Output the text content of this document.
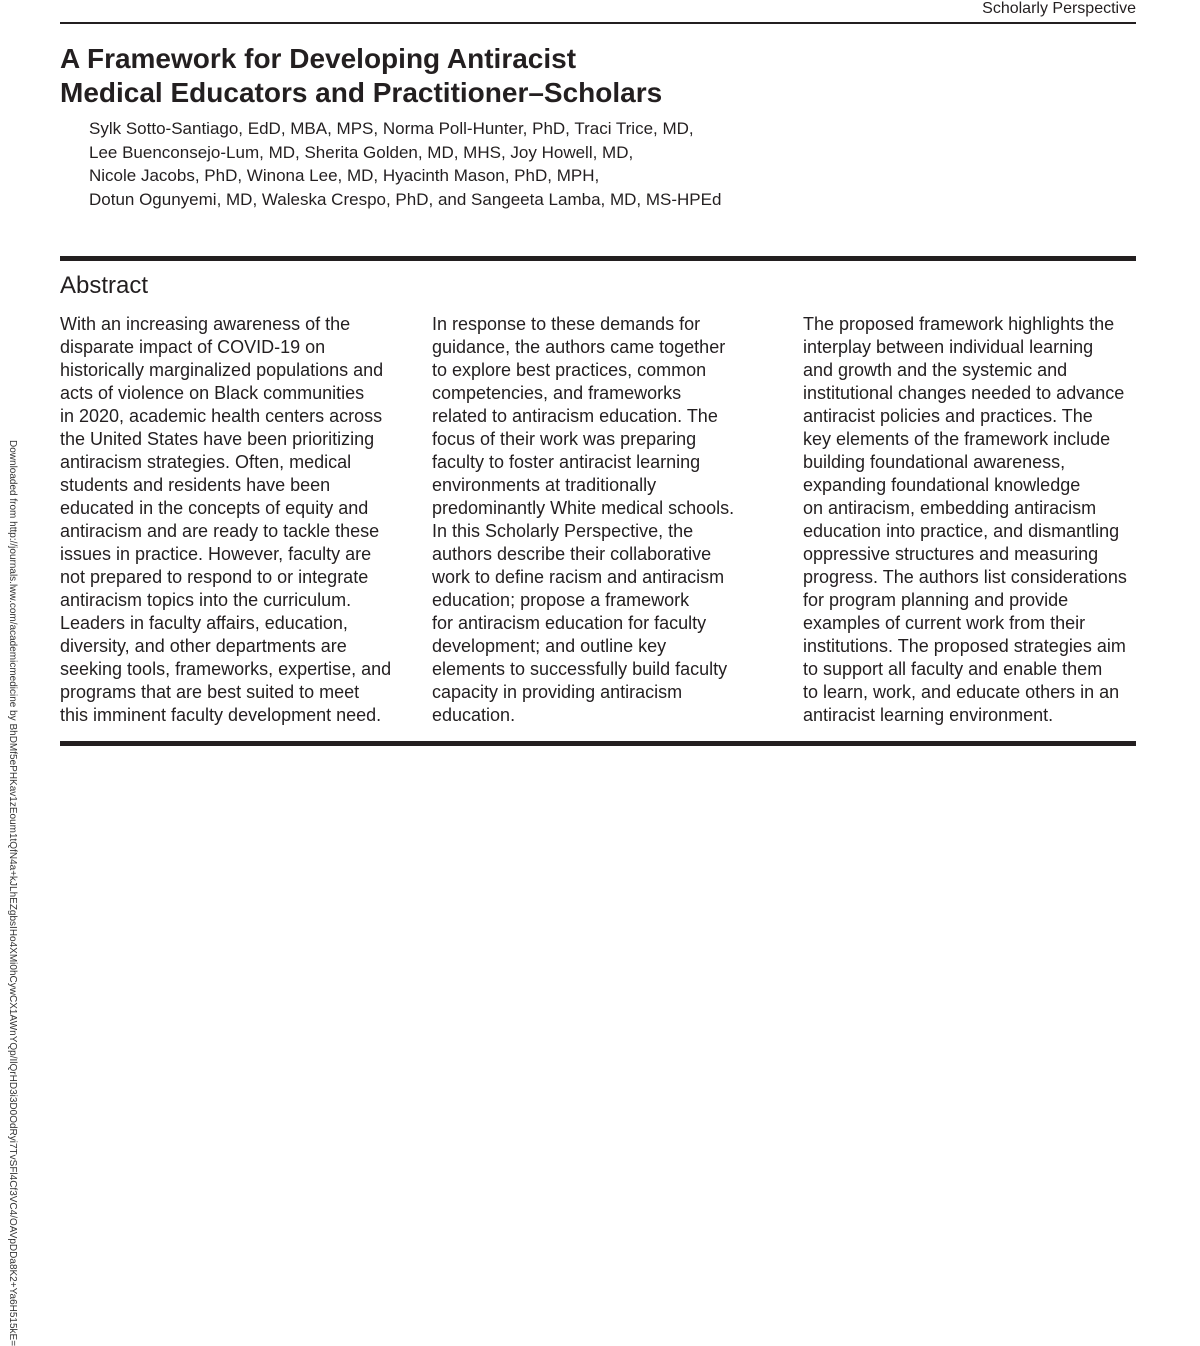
Scholarly Perspective
A Framework for Developing Antiracist
Medical Educators and Practitioner–Scholars
Sylk Sotto-Santiago, EdD, MBA, MPS, Norma Poll-Hunter, PhD, Traci Trice, MD,
Lee Buenconsejo-Lum, MD, Sherita Golden, MD, MHS, Joy Howell, MD,
Nicole Jacobs, PhD, Winona Lee, MD, Hyacinth Mason, PhD, MPH,
Dotun Ogunyemi, MD, Waleska Crespo, PhD, and Sangeeta Lamba, MD, MS-HPEd
Abstract
With an increasing awareness of the
disparate impact of COVID-19 on
historically marginalized populations and
acts of violence on Black communities
in 2020, academic health centers across
the United States have been prioritizing
antiracism strategies. Often, medical
students and residents have been
educated in the concepts of equity and
antiracism and are ready to tackle these
issues in practice. However, faculty are
not prepared to respond to or integrate
antiracism topics into the curriculum.
Leaders in faculty affairs, education,
diversity, and other departments are
seeking tools, frameworks, expertise, and
programs that are best suited to meet
this imminent faculty development need.
In response to these demands for
guidance, the authors came together
to explore best practices, common
competencies, and frameworks
related to antiracism education. The
focus of their work was preparing
faculty to foster antiracist learning
environments at traditionally
predominantly White medical schools.
In this Scholarly Perspective, the
authors describe their collaborative
work to define racism and antiracism
education; propose a framework
for antiracism education for faculty
development; and outline key
elements to successfully build faculty
capacity in providing antiracism
education.
The proposed framework highlights the
interplay between individual learning
and growth and the systemic and
institutional changes needed to advance
antiracist policies and practices. The
key elements of the framework include
building foundational awareness,
expanding foundational knowledge
on antiracism, embedding antiracism
education into practice, and dismantling
oppressive structures and measuring
progress. The authors list considerations
for program planning and provide
examples of current work from their
institutions. The proposed strategies aim
to support all faculty and enable them
to learn, work, and educate others in an
antiracist learning environment.
Downloaded from http://journals.lww.com/academicmedicine by BhDMf5ePHKav1zEoum1tQfN4a+kJLhEZgbsIHo4XMi0hCywCX1AWnYQp/IlQrHD3i3D0OdRyi7TvSFl4Cf3VC4/OAVpDDa8K2+Ya6H515kE=
